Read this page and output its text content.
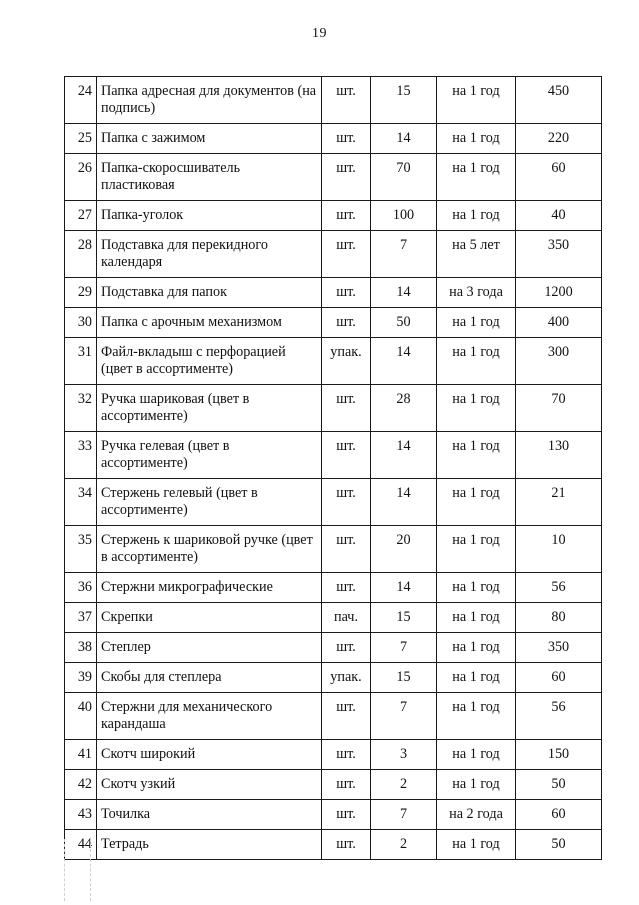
19
24	Папка адресная для документов (на подпись)	шт.	15	на 1 год	450
25	Папка с зажимом	шт.	14	на 1 год	220
26	Папка-скоросшиватель пластиковая	шт.	70	на 1 год	60
27	Папка-уголок	шт.	100	на 1 год	40
28	Подставка для перекидного календаря	шт.	7	на 5 лет	350
29	Подставка для папок	шт.	14	на 3 года	1200
30	Папка с арочным механизмом	шт.	50	на 1 год	400
31	Файл-вкладыш с перфорацией (цвет в ассортименте)	упак.	14	на 1 год	300
32	Ручка шариковая (цвет в ассортименте)	шт.	28	на 1 год	70
33	Ручка гелевая (цвет в ассортименте)	шт.	14	на 1 год	130
34	Стержень гелевый (цвет в ассортименте)	шт.	14	на 1 год	21
35	Стержень к шариковой ручке (цвет в ассортименте)	шт.	20	на 1 год	10
36	Стержни микрографические	шт.	14	на 1 год	56
37	Скрепки	пач.	15	на 1 год	80
38	Степлер	шт.	7	на 1 год	350
39	Скобы для степлера	упак.	15	на 1 год	60
40	Стержни для механического карандаша	шт.	7	на 1 год	56
41	Скотч широкий	шт.	3	на 1 год	150
42	Скотч узкий	шт.	2	на 1 год	50
43	Точилка	шт.	7	на 2 года	60
44	Тетрадь	шт.	2	на 1 год	50
